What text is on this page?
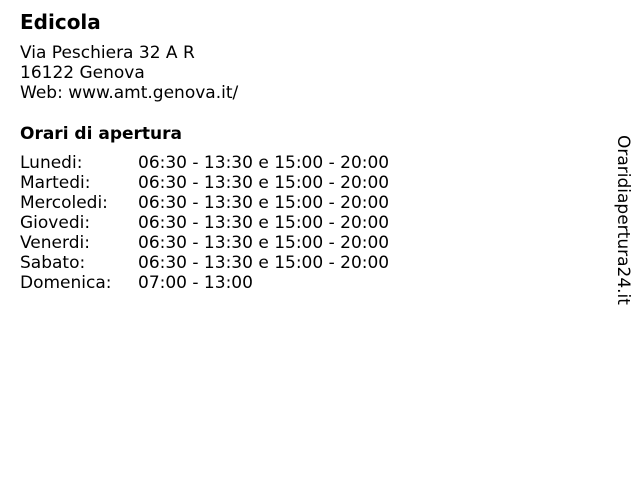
Edicola
Via Peschiera 32 A R
16122 Genova
Web: www.amt.genova.it/
Orari di apertura
Lunedi:	06:30 - 13:30 e 15:00 - 20:00
Martedi:	06:30 - 13:30 e 15:00 - 20:00
Mercoledi: 06:30 - 13:30 e 15:00 - 20:00
Giovedi:	06:30 - 13:30 e 15:00 - 20:00
Venerdi:	06:30 - 13:30 e 15:00 - 20:00
Sabato:	06:30 - 13:30 e 15:00 - 20:00
Domenica: 07:00 - 13:00	Oraridiapertura24.it
